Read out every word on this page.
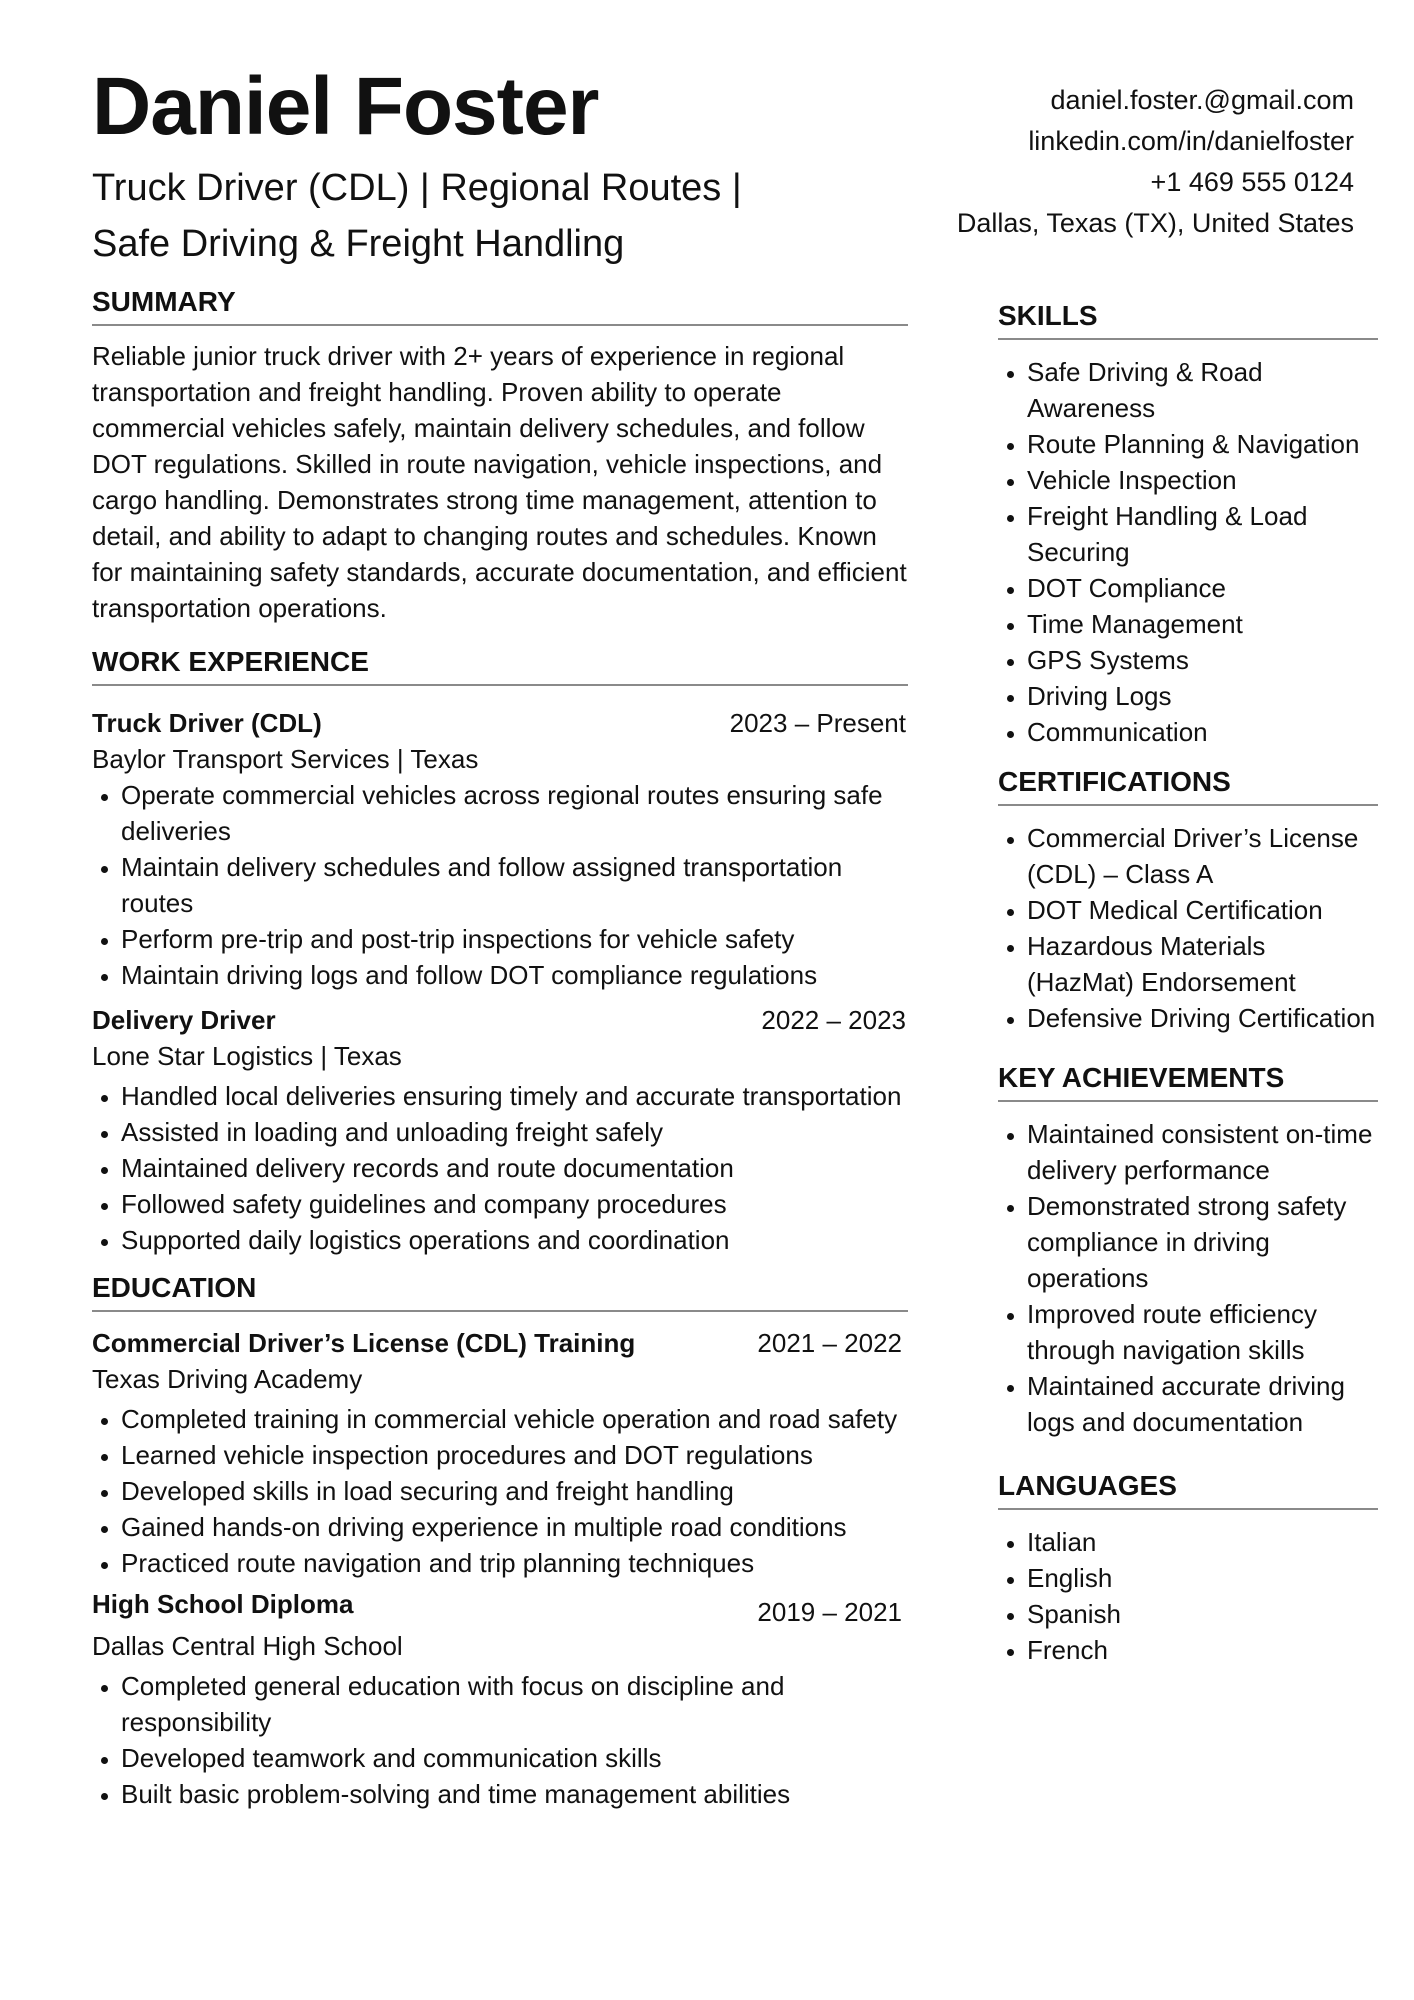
Daniel Foster
Truck Driver (CDL) | Regional Routes |
Safe Driving & Freight Handling
daniel.foster.@gmail.com
linkedin.com/in/danielfoster
+1 469 555 0124
Dallas, Texas (TX), United States
SUMMARY

Reliable junior truck driver with 2+ years of experience in regional transportation and freight handling. Proven ability to operate commercial vehicles safely, maintain delivery schedules, and follow DOT regulations. Skilled in route navigation, vehicle inspections, and cargo handling. Demonstrates strong time management, attention to detail, and ability to adapt to changing routes and schedules. Known for maintaining safety standards, accurate documentation, and efficient transportation operations.

WORK EXPERIENCE
Truck Driver (CDL)	2023 – Present
Baylor Transport Services | Texas
• Operate commercial vehicles across regional routes ensuring safe deliveries
• Maintain delivery schedules and follow assigned transportation routes
• Perform pre-trip and post-trip inspections for vehicle safety
• Maintain driving logs and follow DOT compliance regulations
Delivery Driver	2022 – 2023
Lone Star Logistics | Texas
• Handled local deliveries ensuring timely and accurate transportation
• Assisted in loading and unloading freight safely
• Maintained delivery records and route documentation
• Followed safety guidelines and company procedures
• Supported daily logistics operations and coordination
EDUCATION
Commercial Driver’s License (CDL) Training	2021 – 2022
Texas Driving Academy
• Completed training in commercial vehicle operation and road safety
• Learned vehicle inspection procedures and DOT regulations
• Developed skills in load securing and freight handling
• Gained hands-on driving experience in multiple road conditions
• Practiced route navigation and trip planning techniques
High School Diploma	2019 – 2021
Dallas Central High School
• Completed general education with focus on discipline and responsibility
• Developed teamwork and communication skills
• Built basic problem-solving and time management abilities
SKILLS
• Safe Driving & Road Awareness
• Route Planning & Navigation
• Vehicle Inspection
• Freight Handling & Load Securing
• DOT Compliance
• Time Management
• GPS Systems
• Driving Logs
• Communication
CERTIFICATIONS
• Commercial Driver’s License (CDL) – Class A
• DOT Medical Certification
• Hazardous Materials (HazMat) Endorsement
• Defensive Driving Certification
KEY ACHIEVEMENTS
• Maintained consistent on-time delivery performance
• Demonstrated strong safety compliance in driving operations
• Improved route efficiency through navigation skills
• Maintained accurate driving logs and documentation
LANGUAGES
• Italian
• English
• Spanish
• French
